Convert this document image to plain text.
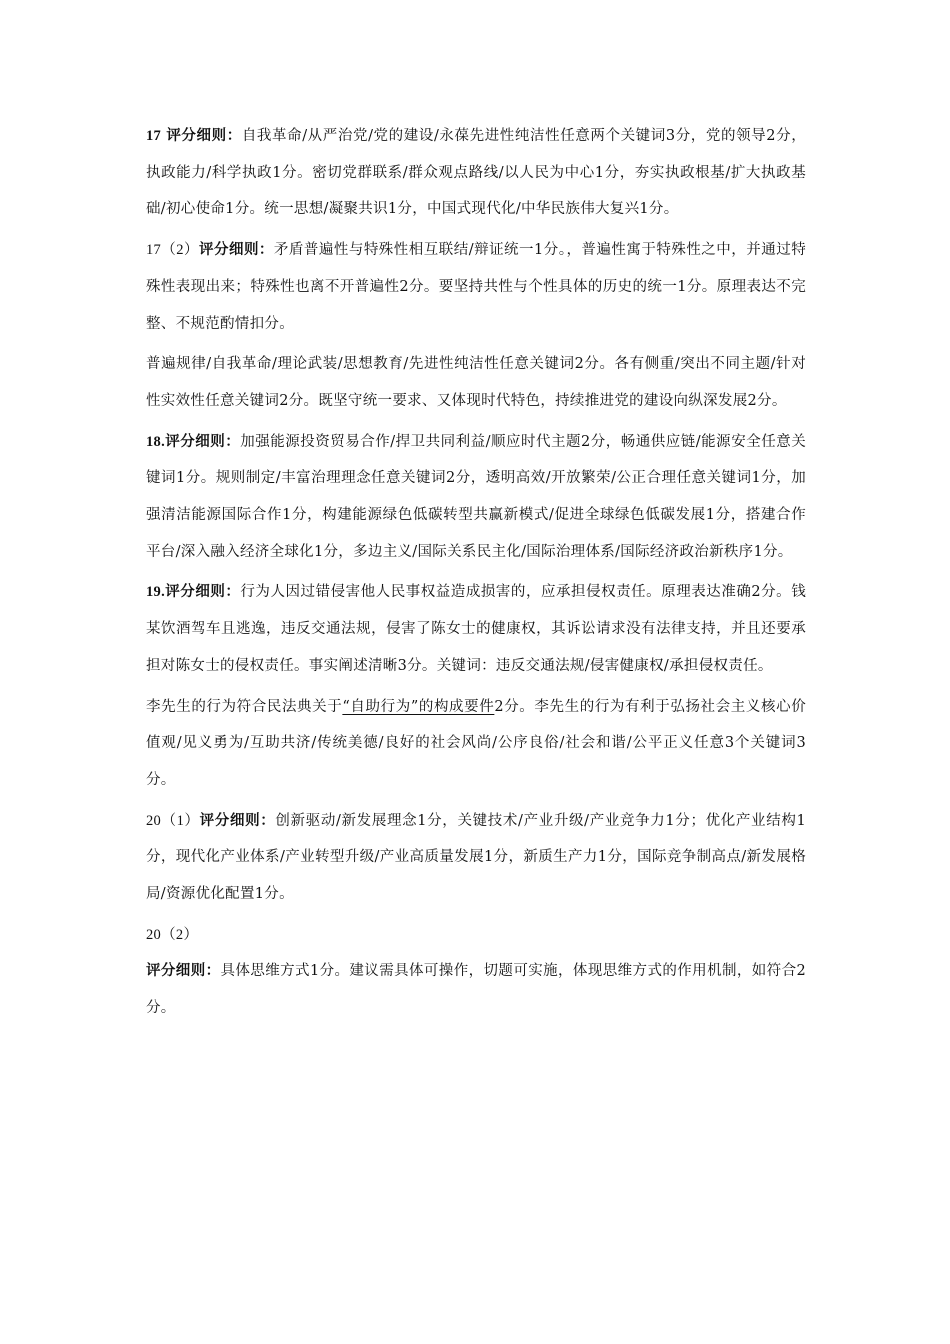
17 评分细则：自我革命/从严治党/党的建设/永葆先进性纯洁性任意两个关键词3分，党的领导2分，执政能力/科学执政1分。密切党群联系/群众观点路线/以人民为中心1分，夯实执政根基/扩大执政基础/初心使命1分。统一思想/凝聚共识1分，中国式现代化/中华民族伟大复兴1分。

17（2）评分细则：矛盾普遍性与特殊性相互联结/辩证统一1分。，普遍性寓于特殊性之中，并通过特殊性表现出来；特殊性也离不开普遍性2分。要坚持共性与个性具体的历史的统一1分。原理表达不完整、不规范酌情扣分。

普遍规律/自我革命/理论武装/思想教育/先进性纯洁性任意关键词2分。各有侧重/突出不同主题/针对性实效性任意关键词2分。既坚守统一要求、又体现时代特色，持续推进党的建设向纵深发展2分。

18.评分细则：加强能源投资贸易合作/捍卫共同利益/顺应时代主题2分，畅通供应链/能源安全任意关键词1分。规则制定/丰富治理理念任意关键词2分，透明高效/开放繁荣/公正合理任意关键词1分，加强清洁能源国际合作1分，构建能源绿色低碳转型共赢新模式/促进全球绿色低碳发展1分，搭建合作平台/深入融入经济全球化1分，多边主义/国际关系民主化/国际治理体系/国际经济政治新秩序1分。

19.评分细则：行为人因过错侵害他人民事权益造成损害的，应承担侵权责任。原理表达准确2分。钱某饮酒驾车且逃逸，违反交通法规，侵害了陈女士的健康权，其诉讼请求没有法律支持，并且还要承担对陈女士的侵权责任。事实阐述清晰3分。关键词：违反交通法规/侵害健康权/承担侵权责任。

李先生的行为符合民法典关于“自助行为”的构成要件2分。李先生的行为有利于弘扬社会主义核心价值观/见义勇为/互助共济/传统美德/良好的社会风尚/公序良俗/社会和谐/公平正义任意3个关键词3分。

20（1）评分细则：创新驱动/新发展理念1分，关键技术/产业升级/产业竞争力1分；优化产业结构1分，现代化产业体系/产业转型升级/产业高质量发展1分，新质生产力1分，国际竞争制高点/新发展格局/资源优化配置1分。

20（2）

评分细则：具体思维方式1分。建议需具体可操作，切题可实施，体现思维方式的作用机制，如符合2分。
